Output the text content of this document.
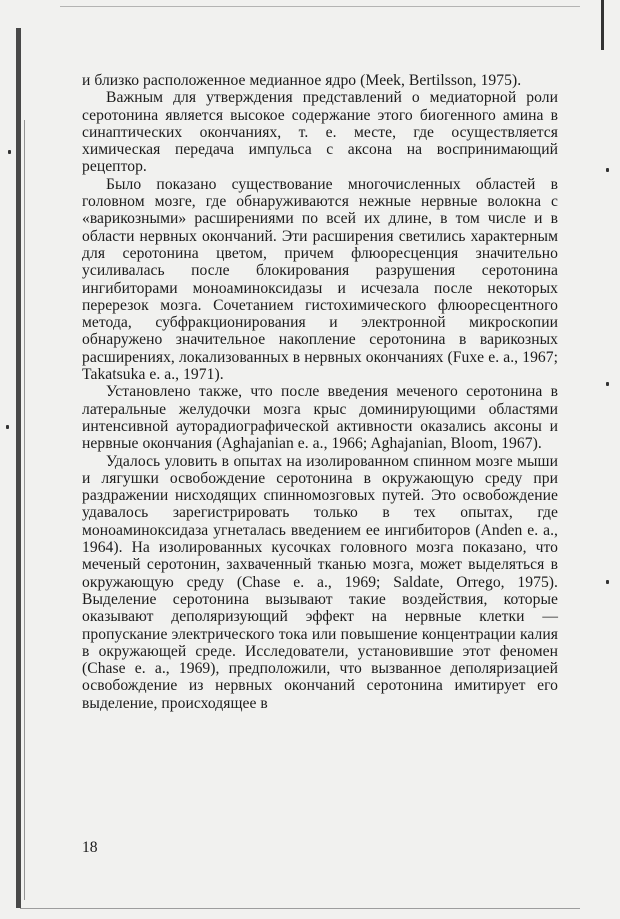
и близко расположенное медианное ядро (Meek, Bertilsson, 1975).

Важным для утверждения представлений о медиаторной роли серотонина является высокое содержание этого биогенного амина в синаптических окончаниях, т. е. месте, где осуществляется химическая передача импульса с аксона на воспринимающий рецептор.

Было показано существование многочисленных областей в головном мозге, где обнаруживаются нежные нервные волокна с «варикозными» расширениями по всей их длине, в том числе и в области нервных окончаний. Эти расширения светились характерным для серотонина цветом, причем флюоресценция значительно усиливалась после блокирования разрушения серотонина ингибиторами моноаминоксидазы и исчезала после некоторых перерезок мозга. Сочетанием гистохимического флюоресцентного метода, субфракционирования и электронной микроскопии обнаружено значительное накопление серотонина в варикозных расширениях, локализованных в нервных окончаниях (Fuxe e. a., 1967; Takatsuka e. a., 1971).

Установлено также, что после введения меченого серотонина в латеральные желудочки мозга крыс доминирующими областями интенсивной ауторадиографической активности оказались аксоны и нервные окончания (Aghajanian e. a., 1966; Aghajanian, Bloom, 1967).

Удалось уловить в опытах на изолированном спинном мозге мыши и лягушки освобождение серотонина в окружающую среду при раздражении нисходящих спинномозговых путей. Это освобождение удавалось зарегистрировать только в тех опытах, где моноаминоксидаза угнеталась введением ее ингибиторов (Anden e. a., 1964). На изолированных кусочках головного мозга показано, что меченый серотонин, захваченный тканью мозга, может выделяться в окружающую среду (Chase e. a., 1969; Saldate, Orrego, 1975). Выделение серотонина вызывают такие воздействия, которые оказывают деполяризующий эффект на нервные клетки — пропускание электрического тока или повышение концентрации калия в окружающей среде. Исследователи, установившие этот феномен (Chase e. a., 1969), предположили, что вызванное деполяризацией освобождение из нервных окончаний серотонина имитирует его выделение, происходящее в

18
